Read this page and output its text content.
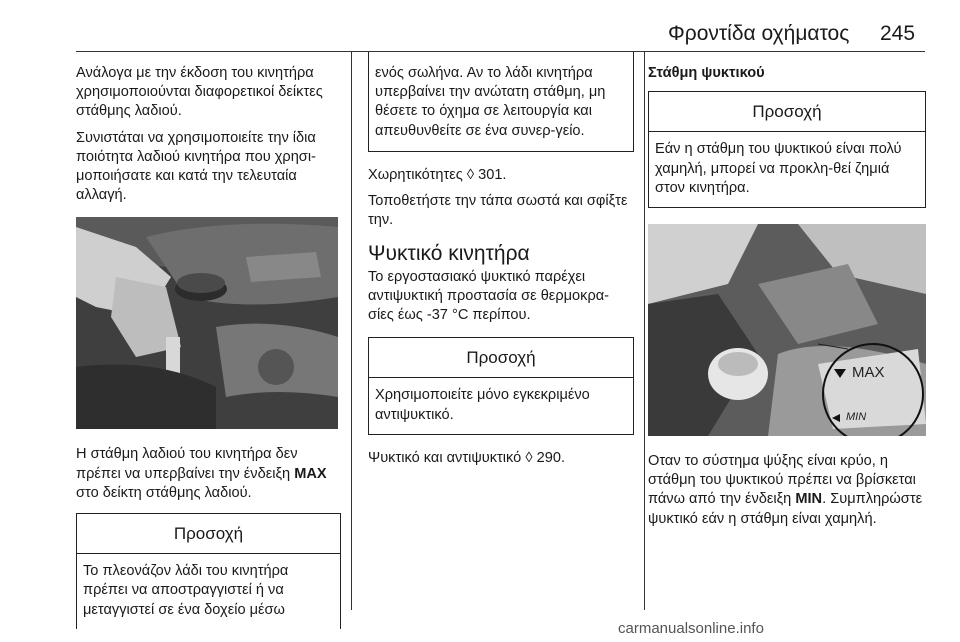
Φροντίδα οχήματος 245

Ανάλογα με την έκδοση του κινητήρα χρησιμοποιούνται διαφορετικοί δείκτες στάθμης λαδιού.

Συνιστάται να χρησιμοποιείτε την ίδια ποιότητα λαδιού κινητήρα που χρησι-μοποιήσατε και κατά την τελευταία αλλαγή.

Η στάθμη λαδιού του κινητήρα δεν πρέπει να υπερβαίνει την ένδειξη MAX στο δείκτη στάθμης λαδιού.

Προσοχή
Το πλεονάζον λάδι του κινητήρα πρέπει να αποστραγγιστεί ή να μεταγγιστεί σε ένα δοχείο μέσω
ενός σωλήνα. Αν το λάδι κινητήρα υπερβαίνει την ανώτατη στάθμη, μη θέσετε το όχημα σε λειτουργία και απευθυνθείτε σε ένα συνερ-γείο.

Χωρητικότητες ◊ 301.

Τοποθετήστε την τάπα σωστά και σφίξτε την.

Ψυκτικό κινητήρα

Το εργοστασιακό ψυκτικό παρέχει αντιψυκτική προστασία σε θερμοκρα-σίες έως -37 °C περίπου.

Προσοχή
Χρησιμοποιείτε μόνο εγκεκριμένο αντιψυκτικό.

Ψυκτικό και αντιψυκτικό ◊ 290.

Στάθμη ψυκτικού

Προσοχή
Εάν η στάθμη του ψυκτικού είναι πολύ χαμηλή, μπορεί να προκλη-θεί ζημιά στον κινητήρα.
MAX
MIN

Οταν το σύστημα ψύξης είναι κρύο, η στάθμη του ψυκτικού πρέπει να βρίσκεται πάνω από την ένδειξη MIN. Συμπληρώστε ψυκτικό εάν η στάθμη είναι χαμηλή.

carmanualsonline.info
